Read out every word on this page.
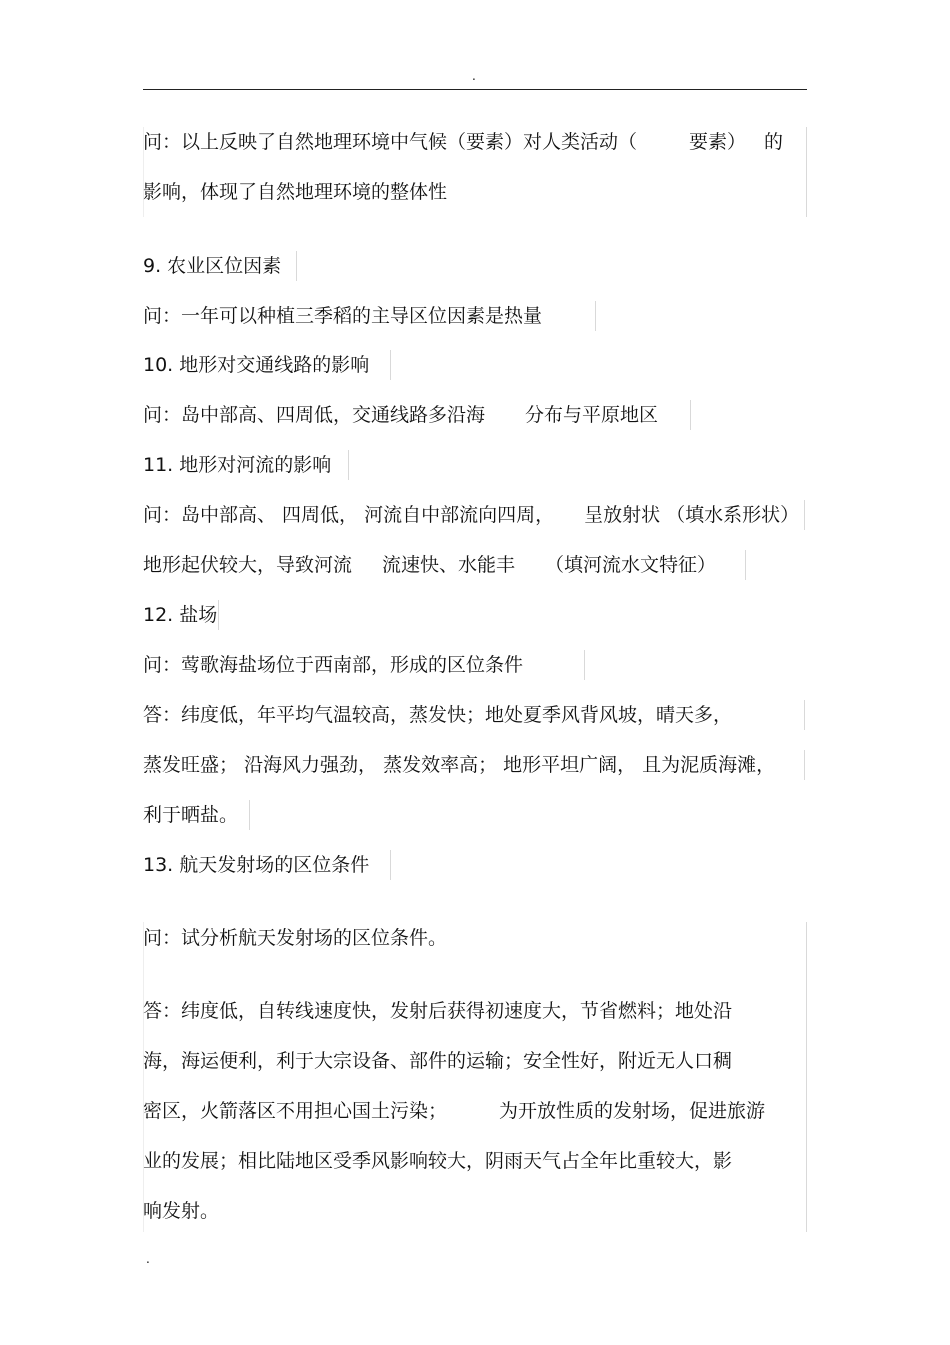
.
问：以上反映了自然地理环境中气候（要素）对人类活动（	要素） 的
影响，体现了自然地理环境的整体性
9. 农业区位因素
问：一年可以种植三季稻的主导区位因素是热量
10. 地形对交通线路的影响
问：岛中部高、四周低，交通线路多沿海 分布与平原地区
11. 地形对河流的影响
问：岛中部高、 四周低， 河流自中部流向四周， 呈放射状 （填水系形状）
地形起伏较大，导致河流 流速快、水能丰 （填河流水文特征）
12. 盐场
问：莺歌海盐场位于西南部，形成的区位条件
答：纬度低，年平均气温较高，蒸发快；地处夏季风背风坡，晴天多，
蒸发旺盛； 沿海风力强劲， 蒸发效率高； 地形平坦广阔， 且为泥质海滩，
利于晒盐。
13. 航天发射场的区位条件
问：试分析航天发射场的区位条件。
答：纬度低，自转线速度快，发射后获得初速度大，节省燃料；地处沿
海，海运便利，利于大宗设备、部件的运输；安全性好，附近无人口稠
密区，火箭落区不用担心国土污染；	为开放性质的发射场，促进旅游
业的发展；相比陆地区受季风影响较大，阴雨天气占全年比重较大，影
响发射。
.
